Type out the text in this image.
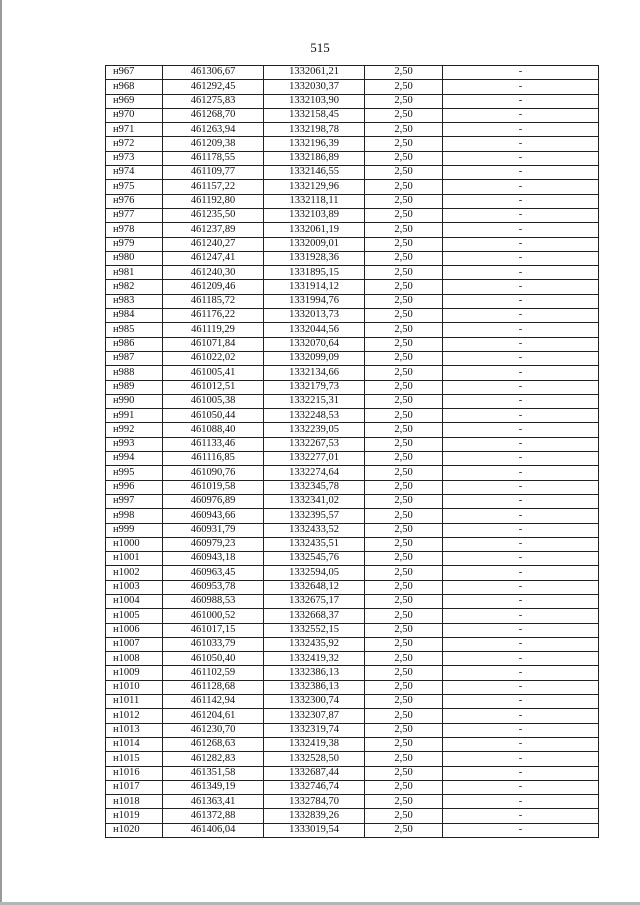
515
н967	461306,67	1332061,21	2,50	-
н968	461292,45	1332030,37	2,50	-
н969	461275,83	1332103,90	2,50	-
н970	461268,70	1332158,45	2,50	-
н971	461263,94	1332198,78	2,50	-
н972	461209,38	1332196,39	2,50	-
н973	461178,55	1332186,89	2,50	-
н974	461109,77	1332146,55	2,50	-
н975	461157,22	1332129,96	2,50	-
н976	461192,80	1332118,11	2,50	-
н977	461235,50	1332103,89	2,50	-
н978	461237,89	1332061,19	2,50	-
н979	461240,27	1332009,01	2,50	-
н980	461247,41	1331928,36	2,50	-
н981	461240,30	1331895,15	2,50	-
н982	461209,46	1331914,12	2,50	-
н983	461185,72	1331994,76	2,50	-
н984	461176,22	1332013,73	2,50	-
н985	461119,29	1332044,56	2,50	-
н986	461071,84	1332070,64	2,50	-
н987	461022,02	1332099,09	2,50	-
н988	461005,41	1332134,66	2,50	-
н989	461012,51	1332179,73	2,50	-
н990	461005,38	1332215,31	2,50	-
н991	461050,44	1332248,53	2,50	-
н992	461088,40	1332239,05	2,50	-
н993	461133,46	1332267,53	2,50	-
н994	461116,85	1332277,01	2,50	-
н995	461090,76	1332274,64	2,50	-
н996	461019,58	1332345,78	2,50	-
н997	460976,89	1332341,02	2,50	-
н998	460943,66	1332395,57	2,50	-
н999	460931,79	1332433,52	2,50	-
н1000	460979,23	1332435,51	2,50	-
н1001	460943,18	1332545,76	2,50	-
н1002	460963,45	1332594,05	2,50	-
н1003	460953,78	1332648,12	2,50	-
н1004	460988,53	1332675,17	2,50	-
н1005	461000,52	1332668,37	2,50	-
н1006	461017,15	1332552,15	2,50	-
н1007	461033,79	1332435,92	2,50	-
н1008	461050,40	1332419,32	2,50	-
н1009	461102,59	1332386,13	2,50	-
н1010	461128,68	1332386,13	2,50	-
н1011	461142,94	1332300,74	2,50	-
н1012	461204,61	1332307,87	2,50	-
н1013	461230,70	1332319,74	2,50	-
н1014	461268,63	1332419,38	2,50	-
н1015	461282,83	1332528,50	2,50	-
н1016	461351,58	1332687,44	2,50	-
н1017	461349,19	1332746,74	2,50	-
н1018	461363,41	1332784,70	2,50	-
н1019	461372,88	1332839,26	2,50	-
н1020	461406,04	1333019,54	2,50	-
